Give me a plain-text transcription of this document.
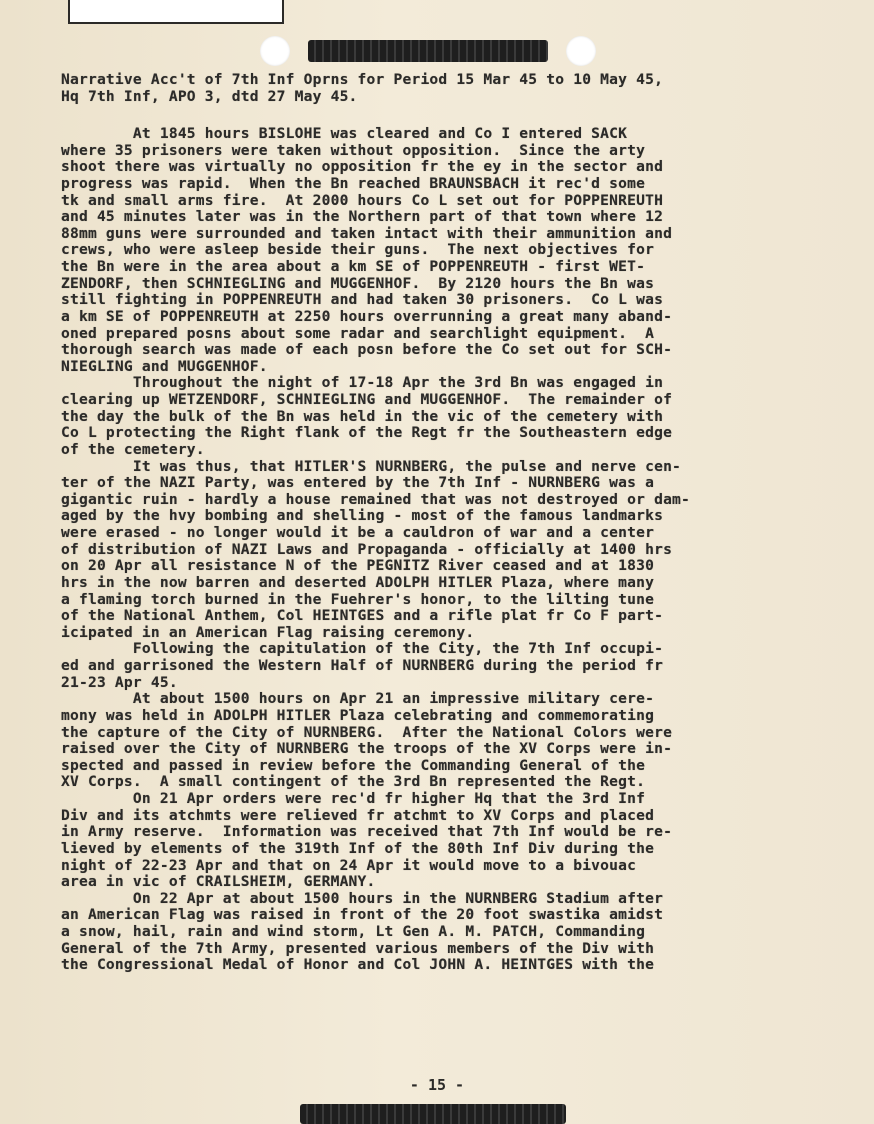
Narrative Acc't of 7th Inf Oprns for Period 15 Mar 45 to 10 May 45,
Hq 7th Inf, APO 3, dtd 27 May 45.
At 1845 hours BISLOHE was cleared and Co I entered SACK
where 35 prisoners were taken without opposition.  Since the arty
shoot there was virtually no opposition fr the ey in the sector and
progress was rapid.  When the Bn reached BRAUNSBACH it rec'd some
tk and small arms fire.  At 2000 hours Co L set out for POPPENREUTH
and 45 minutes later was in the Northern part of that town where 12
88mm guns were surrounded and taken intact with their ammunition and
crews, who were asleep beside their guns.  The next objectives for
the Bn were in the area about a km SE of POPPENREUTH - first WET-
ZENDORF, then SCHNIEGLING and MUGGENHOF.  By 2120 hours the Bn was
still fighting in POPPENREUTH and had taken 30 prisoners.  Co L was
a km SE of POPPENREUTH at 2250 hours overrunning a great many aband-
oned prepared posns about some radar and searchlight equipment.  A
thorough search was made of each posn before the Co set out for SCH-
NIEGLING and MUGGENHOF.
Throughout the night of 17-18 Apr the 3rd Bn was engaged in
clearing up WETZENDORF, SCHNIEGLING and MUGGENHOF.  The remainder of
the day the bulk of the Bn was held in the vic of the cemetery with
Co L protecting the Right flank of the Regt fr the Southeastern edge
of the cemetery.
It was thus, that HITLER'S NURNBERG, the pulse and nerve cen-
ter of the NAZI Party, was entered by the 7th Inf - NURNBERG was a
gigantic ruin - hardly a house remained that was not destroyed or dam-
aged by the hvy bombing and shelling - most of the famous landmarks
were erased - no longer would it be a cauldron of war and a center
of distribution of NAZI Laws and Propaganda - officially at 1400 hrs
on 20 Apr all resistance N of the PEGNITZ River ceased and at 1830
hrs in the now barren and deserted ADOLPH HITLER Plaza, where many
a flaming torch burned in the Fuehrer's honor, to the lilting tune
of the National Anthem, Col HEINTGES and a rifle plat fr Co F part-
icipated in an American Flag raising ceremony.
Following the capitulation of the City, the 7th Inf occupi-
ed and garrisoned the Western Half of NURNBERG during the period fr
21-23 Apr 45.
At about 1500 hours on Apr 21 an impressive military cere-
mony was held in ADOLPH HITLER Plaza celebrating and commemorating
the capture of the City of NURNBERG.  After the National Colors were
raised over the City of NURNBERG the troops of the XV Corps were in-
spected and passed in review before the Commanding General of the
XV Corps.  A small contingent of the 3rd Bn represented the Regt.
On 21 Apr orders were rec'd fr higher Hq that the 3rd Inf
Div and its atchmts were relieved fr atchmt to XV Corps and placed
in Army reserve.  Information was received that 7th Inf would be re-
lieved by elements of the 319th Inf of the 80th Inf Div during the
night of 22-23 Apr and that on 24 Apr it would move to a bivouac
area in vic of CRAILSHEIM, GERMANY.
On 22 Apr at about 1500 hours in the NURNBERG Stadium after
an American Flag was raised in front of the 20 foot swastika amidst
a snow, hail, rain and wind storm, Lt Gen A. M. PATCH, Commanding
General of the 7th Army, presented various members of the Div with
the Congressional Medal of Honor and Col JOHN A. HEINTGES with the
- 15 -
